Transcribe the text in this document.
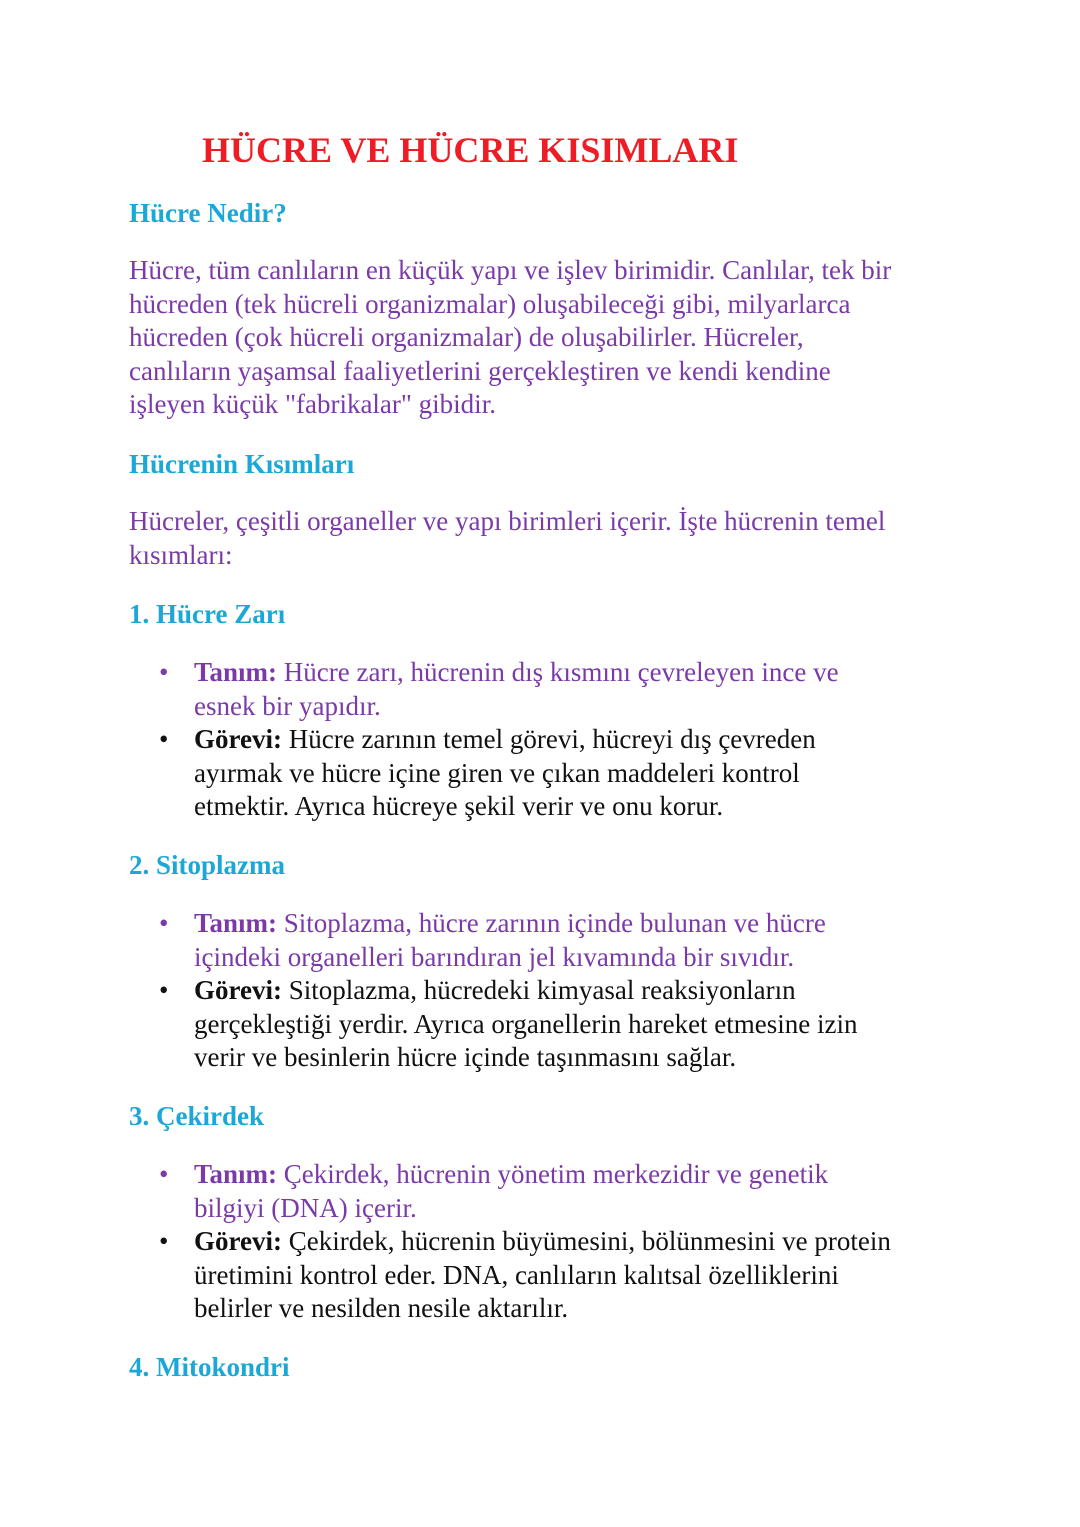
HÜCRE VE HÜCRE KISIMLARI
Hücre Nedir?

Hücre, tüm canlıların en küçük yapı ve işlev birimidir. Canlılar, tek bir
hücreden (tek hücreli organizmalar) oluşabileceği gibi, milyarlarca
hücreden (çok hücreli organizmalar) de oluşabilirler. Hücreler,
canlıların yaşamsal faaliyetlerini gerçekleştiren ve kendi kendine
işleyen küçük "fabrikalar" gibidir.

Hücrenin Kısımları

Hücreler, çeşitli organeller ve yapı birimleri içerir. İşte hücrenin temel
kısımları:

1. Hücre Zarı
• Tanım: Hücre zarı, hücrenin dış kısmını çevreleyen ince ve
esnek bir yapıdır.
• Görevi: Hücre zarının temel görevi, hücreyi dış çevreden
ayırmak ve hücre içine giren ve çıkan maddeleri kontrol
etmektir. Ayrıca hücreye şekil verir ve onu korur.
2. Sitoplazma
• Tanım: Sitoplazma, hücre zarının içinde bulunan ve hücre
içindeki organelleri barındıran jel kıvamında bir sıvıdır.
• Görevi: Sitoplazma, hücredeki kimyasal reaksiyonların
gerçekleştiği yerdir. Ayrıca organellerin hareket etmesine izin
verir ve besinlerin hücre içinde taşınmasını sağlar.
3. Çekirdek
• Tanım: Çekirdek, hücrenin yönetim merkezidir ve genetik
bilgiyi (DNA) içerir.
• Görevi: Çekirdek, hücrenin büyümesini, bölünmesini ve protein
üretimini kontrol eder. DNA, canlıların kalıtsal özelliklerini
belirler ve nesilden nesile aktarılır.
4. Mitokondri
